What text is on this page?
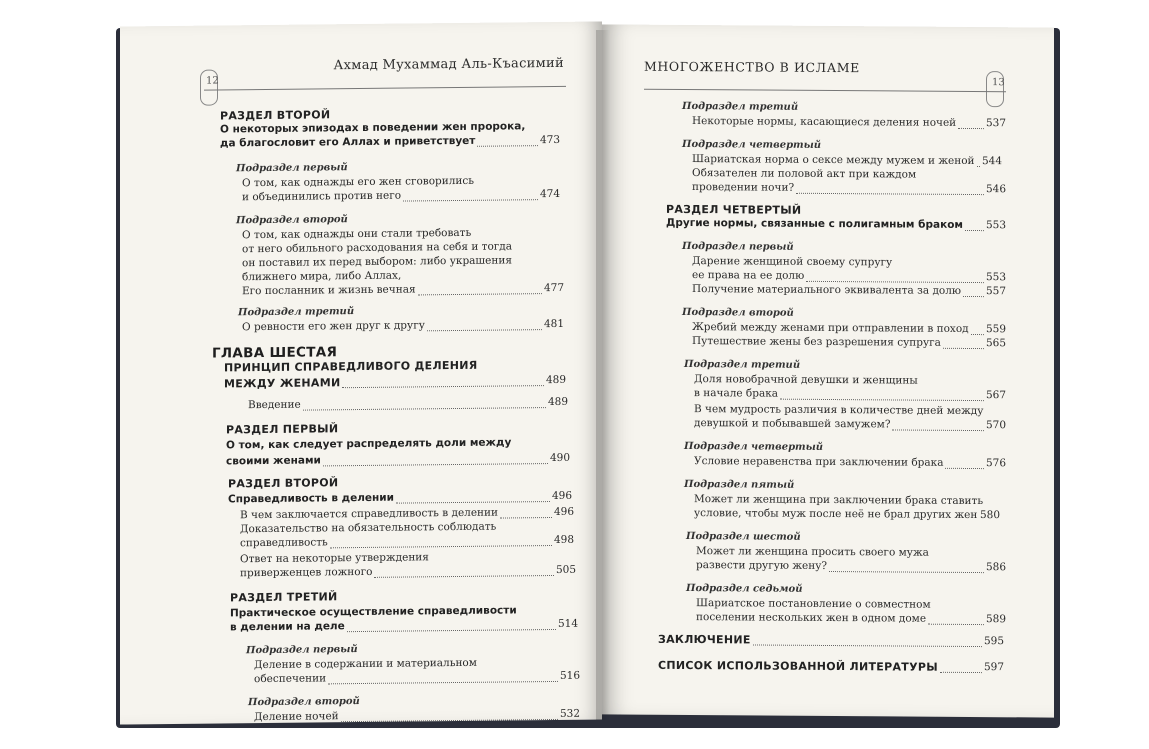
12
Ахмад Мухаммад Аль-Къасимий
РАЗДЕЛ ВТОРОЙ
О некоторых эпизодах в поведении жен пророка,
да благословит его Аллах и приветствует	473
Подраздел первый
О том, как однажды его жен сговорились
и объединились против него	474
Подраздел второй
О том, как однажды они стали требовать
от него обильного расходования на себя и тогда
он поставил их перед выбором: либо украшения
ближнего мира, либо Аллах,
Его посланник и жизнь вечная	477
Подраздел третий
О ревности его жен друг к другу	481
ГЛАВА ШЕСТАЯ
ПРИНЦИП СПРАВЕДЛИВОГО ДЕЛЕНИЯ
МЕЖДУ ЖЕНАМИ	489
Введение	489
РАЗДЕЛ ПЕРВЫЙ
О том, как следует распределять доли между
своими женами	490
РАЗДЕЛ ВТОРОЙ
Справедливость в делении	496
В чем заключается справедливость в делении	496
Доказательство на обязательность соблюдать
справедливость	498
Ответ на некоторые утверждения
приверженцев ложного	505
РАЗДЕЛ ТРЕТИЙ
Практическое осуществление справедливости
в делении на деле	514
Подраздел первый
Деление в содержании и материальном
обеспечении	516
Подраздел второй
Деление ночей	532
13
МНОГОЖЕНСТВО В ИСЛАМЕ
Подраздел третий
Некоторые нормы, касающиеся деления ночей	537
Подраздел четвертый
Шариатская норма о сексе между мужем и женой 544
Обязателен ли половой акт при каждом
проведении ночи?	546
РАЗДЕЛ ЧЕТВЕРТЫЙ
Другие нормы, связанные с полигамным браком 553
Подраздел первый
Дарение женщиной своему супругу
ее права на ее долю	553
Получение материального эквивалента за долю 557
Подраздел второй
Жребий между женами при отправлении в поход 559
Путешествие жены без разрешения супруга	565
Подраздел третий
Доля новобрачной девушки и женщины
в начале брака	567
В чем мудрость различия в количестве дней между
девушкой и побывавшей замужем?	570
Подраздел четвертый
Условие неравенства при заключении брака	576
Подраздел пятый
Может ли женщина при заключении брака ставить
условие, чтобы муж после неё не брал других жен 580
Подраздел шестой
Может ли женщина просить своего мужа
развести другую жену?	586
Подраздел седьмой
Шариатское постановление о совместном
поселении нескольких жен в одном доме	589
ЗАКЛЮЧЕНИЕ	595
СПИСОК ИСПОЛЬЗОВАННОЙ ЛИТЕРАТУРЫ	597
